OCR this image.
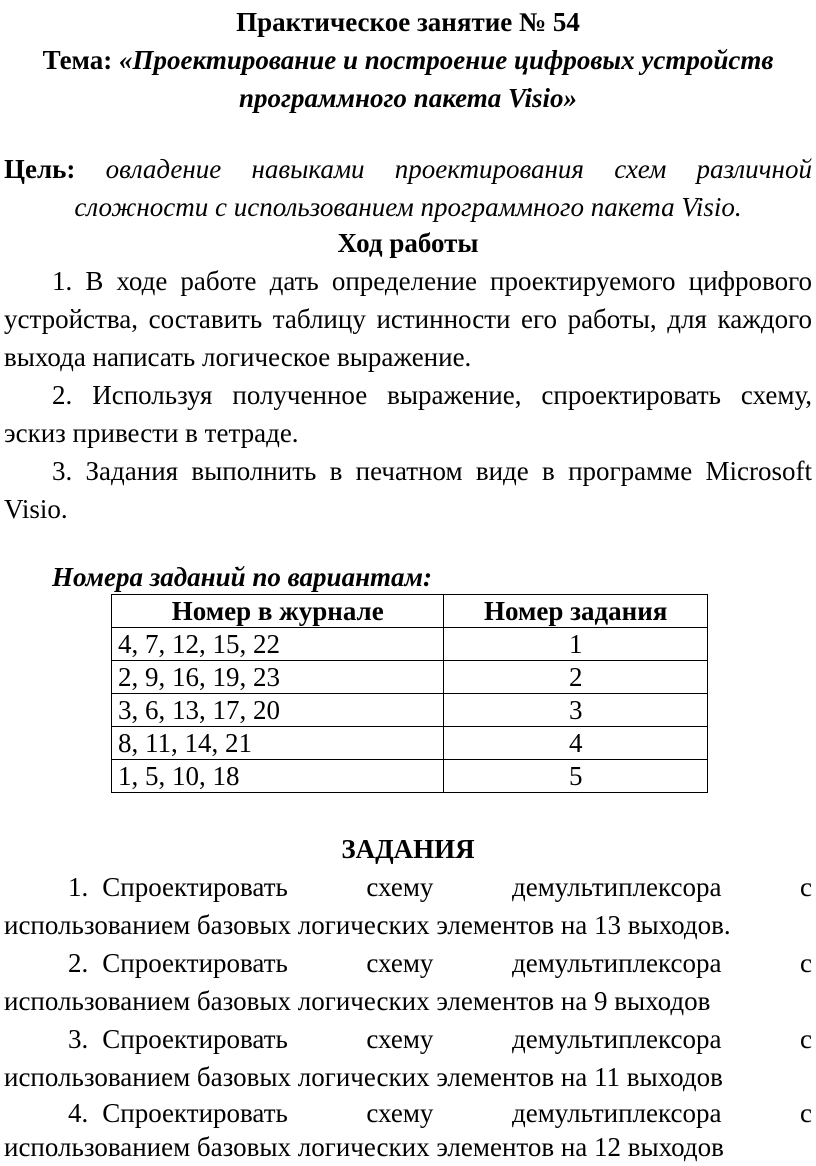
Практическое занятие № 54
Тема: «Проектирование и построение цифровых устройств
программного пакета Visio»
Цель: овладение навыками проектирования схем различной
сложности с использованием программного пакета Visio.
Ход работы
1. В ходе работе дать определение проектируемого цифрового
устройства, составить таблицу истинности его работы, для каждого
выхода написать логическое выражение.
2. Используя полученное выражение, спроектировать схему,
эскиз привести в тетраде.
3. Задания выполнить в печатном виде в программе Microsoft
Visio.
Номера заданий по вариантам:
Номер в журнале	Номер задания
4, 7, 12, 15, 22	1
2, 9, 16, 19, 23	2
3, 6, 13, 17, 20	3
8, 11, 14, 21	4
1, 5, 10, 18	5
ЗАДАНИЯ
1. Спроектировать	схему	демультиплексора	с
использованием базовых логических элементов на 13 выходов.
2. Спроектировать	схему	демультиплексора	с
использованием базовых логических элементов на 9 выходов
3. Спроектировать	схему	демультиплексора	с
использованием базовых логических элементов на 11 выходов
4. Спроектировать	схему	демультиплексора	с
использованием базовых логических элементов на 12 выходов
